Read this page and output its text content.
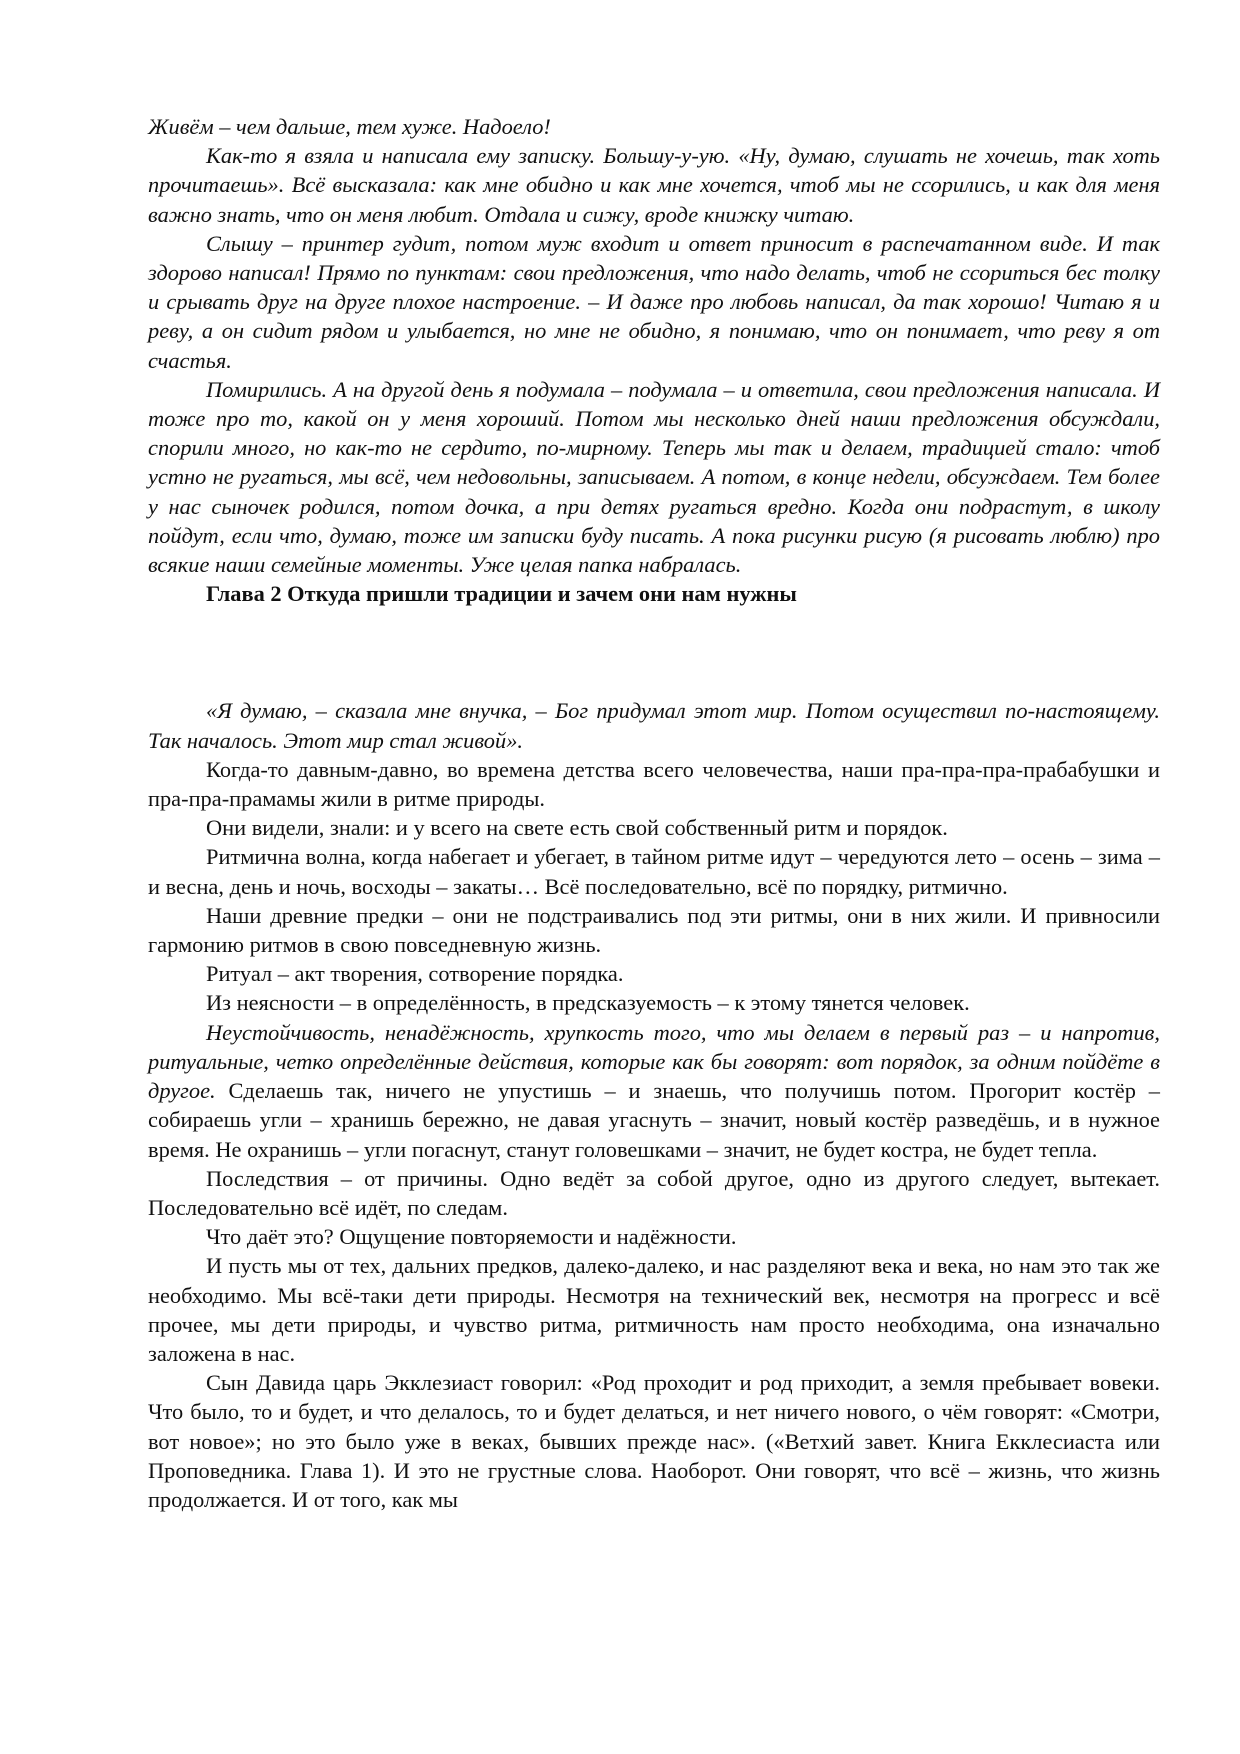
Живём – чем дальше, тем хуже. Надоело!

Как-то я взяла и написала ему записку. Большу-у-ую. «Ну, думаю, слушать не хочешь, так хоть прочитаешь». Всё высказала: как мне обидно и как мне хочется, чтоб мы не ссорились, и как для меня важно знать, что он меня любит. Отдала и сижу, вроде книжку читаю.

Слышу – принтер гудит, потом муж входит и ответ приносит в распечатанном виде. И так здорово написал! Прямо по пунктам: свои предложения, что надо делать, чтоб не ссориться бес толку и срывать друг на друге плохое настроение. – И даже про любовь написал, да так хорошо! Читаю я и реву, а он сидит рядом и улыбается, но мне не обидно, я понимаю, что он понимает, что реву я от счастья.

Помирились. А на другой день я подумала – подумала – и ответила, свои предложения написала. И тоже про то, какой он у меня хороший. Потом мы несколько дней наши предложения обсуждали, спорили много, но как-то не сердито, по-мирному. Теперь мы так и делаем, традицией стало: чтоб устно не ругаться, мы всё, чем недовольны, записываем. А потом, в конце недели, обсуждаем. Тем более у нас сыночек родился, потом дочка, а при детях ругаться вредно. Когда они подрастут, в школу пойдут, если что, думаю, тоже им записки буду писать. А пока рисунки рисую (я рисовать люблю) про всякие наши семейные моменты. Уже целая папка набралась.

Глава 2 Откуда пришли традиции и зачем они нам нужны

«Я думаю, – сказала мне внучка, – Бог придумал этот мир. Потом осуществил по-настоящему. Так началось. Этот мир стал живой».

Когда-то давным-давно, во времена детства всего человечества, наши пра-пра-пра-прабабушки и пра-пра-прамамы жили в ритме природы.

Они видели, знали: и у всего на свете есть свой собственный ритм и порядок.

Ритмична волна, когда набегает и убегает, в тайном ритме идут – чередуются лето – осень – зима – и весна, день и ночь, восходы – закаты… Всё последовательно, всё по порядку, ритмично.

Наши древние предки – они не подстраивались под эти ритмы, они в них жили. И привносили гармонию ритмов в свою повседневную жизнь.

Ритуал – акт творения, сотворение порядка.

Из неясности – в определённость, в предсказуемость – к этому тянется человек.

Неустойчивость, ненадёжность, хрупкость того, что мы делаем в первый раз – и напротив, ритуальные, четко определённые действия, которые как бы говорят: вот порядок, за одним пойдёте в другое. Сделаешь так, ничего не упустишь – и знаешь, что получишь потом. Прогорит костёр – собираешь угли – хранишь бережно, не давая угаснуть – значит, новый костёр разведёшь, и в нужное время. Не охранишь – угли погаснут, станут головешками – значит, не будет костра, не будет тепла.

Последствия – от причины. Одно ведёт за собой другое, одно из другого следует, вытекает. Последовательно всё идёт, по следам.

Что даёт это? Ощущение повторяемости и надёжности.

И пусть мы от тех, дальних предков, далеко-далеко, и нас разделяют века и века, но нам это так же необходимо. Мы всё-таки дети природы. Несмотря на технический век, несмотря на прогресс и всё прочее, мы дети природы, и чувство ритма, ритмичность нам просто необходима, она изначально заложена в нас.

Сын Давида царь Экклезиаст говорил: «Род проходит и род приходит, а земля пребывает вовеки. Что было, то и будет, и что делалось, то и будет делаться, и нет ничего нового, о чём говорят: «Смотри, вот новое»; но это было уже в веках, бывших прежде нас». («Ветхий завет. Книга Екклесиаста или Проповедника. Глава 1). И это не грустные слова. Наоборот. Они говорят, что всё – жизнь, что жизнь продолжается. И от того, как мы
